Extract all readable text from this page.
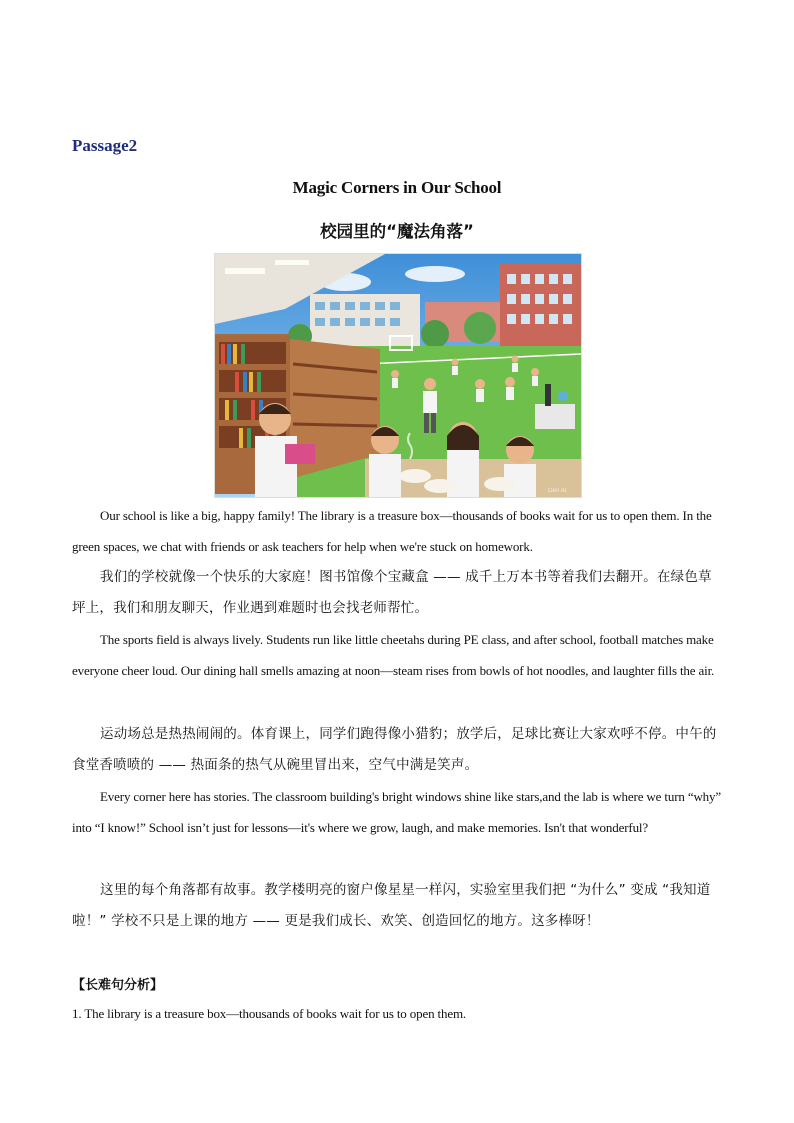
Passage2
Magic Corners in Our School
校园里的“魔法角落”
Gen AI

Our school is like a big, happy family! The library is a treasure box—thousands of books wait for us to open them. In the green spaces, we chat with friends or ask teachers for help when we're stuck on homework.

我们的学校就像一个快乐的大家庭！图书馆像个宝藏盒 —— 成千上万本书等着我们去翻开。在绿色草坪上，我们和朋友聊天，作业遇到难题时也会找老师帮忙。

The sports field is always lively. Students run like little cheetahs during PE class, and after school, football matches make everyone cheer loud. Our dining hall smells amazing at noon—steam rises from bowls of hot noodles, and laughter fills the air.

运动场总是热热闹闹的。体育课上，同学们跑得像小猎豹；放学后，足球比赛让大家欢呼不停。中午的食堂香喷喷的 —— 热面条的热气从碗里冒出来，空气中满是笑声。

Every corner here has stories. The classroom building's bright windows shine like stars,and the lab is where we turn “why” into “I know!” School isn’t just for lessons—it's where we grow, laugh, and make memories. Isn't that wonderful?

这里的每个角落都有故事。教学楼明亮的窗户像星星一样闪，实验室里我们把 “为什么” 变成 “我知道啦！” 学校不只是上课的地方 —— 更是我们成长、欢笑、创造回忆的地方。这多棒呀！

【长难句分析】
1. The library is a treasure box—thousands of books wait for us to open them.
